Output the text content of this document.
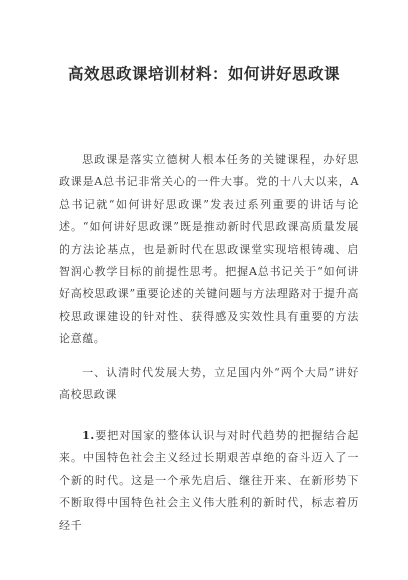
高效思政课培训材料：如何讲好思政课
思政课是落实立德树人根本任务的关键课程，办好思政课是A总书记非常关心的一件大事。党的十八大以来，A总书记就“如何讲好思政课”发表过系列重要的讲话与论述。“如何讲好思政课”既是推动新时代思政课高质量发展的方法论基点，也是新时代在思政课堂实现培根铸魂、启智润心教学目标的前提性思考。把握A总书记关于“如何讲好高校思政课”重要论述的关键问题与方法理路对于提升高校思政课建设的针对性、获得感及实效性具有重要的方法论意蕴。
一、认清时代发展大势，立足国内外“两个大局”讲好高校思政课
1.要把对国家的整体认识与对时代趋势的把握结合起来。中国特色社会主义经过长期艰苦卓绝的奋斗迈入了一个新的时代。这是一个承先启后、继往开来、在新形势下不断取得中国特色社会主义伟大胜利的新时代，标志着历经千
